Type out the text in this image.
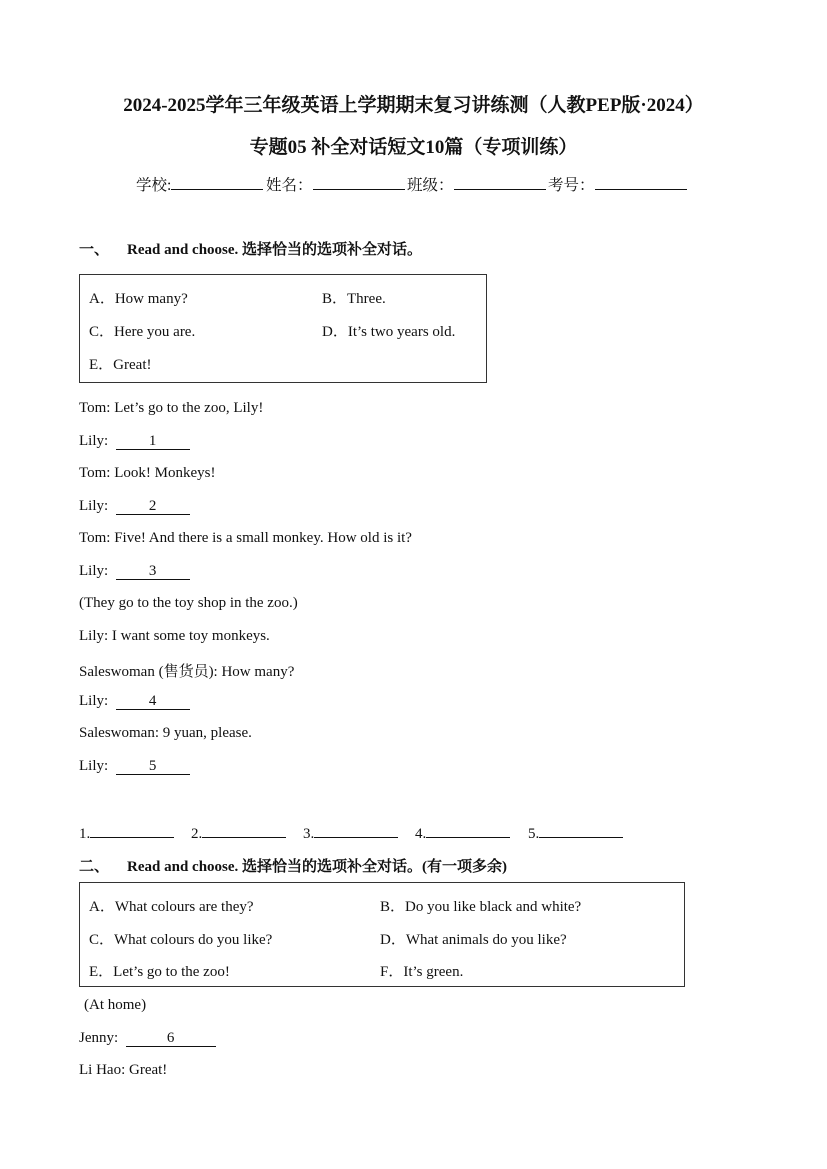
2024-2025学年三年级英语上学期期末复习讲练测（人教PEP版·2024）
专题05 补全对话短文10篇（专项训练）
学校:	姓名：	班级：	考号：
一、 Read and choose. 选择恰当的选项补全对话。
A．How many?	B．Three.
C．Here you are.	D．It’s two years old.
E．Great!
Tom: Let’s go to the zoo, Lily!
Lily:	1
Tom: Look! Monkeys!
Lily:	2
Tom: Five! And there is a small monkey. How old is it?
Lily:	3
(They go to the toy shop in the zoo.)
Lily: I want some toy monkeys.
Saleswoman (售货员): How many?
Lily:	4
Saleswoman: 9 yuan, please.
Lily:	5
1.	2.	3.	4.	5.
二、 Read and choose. 选择恰当的选项补全对话。(有一项多余)
A．What colours are they?	B．Do you like black and white?
C．What colours do you like?	D．What animals do you like?
E．Let’s go to the zoo!	F．It’s green.
(At home)
Jenny:	6
Li Hao: Great!
